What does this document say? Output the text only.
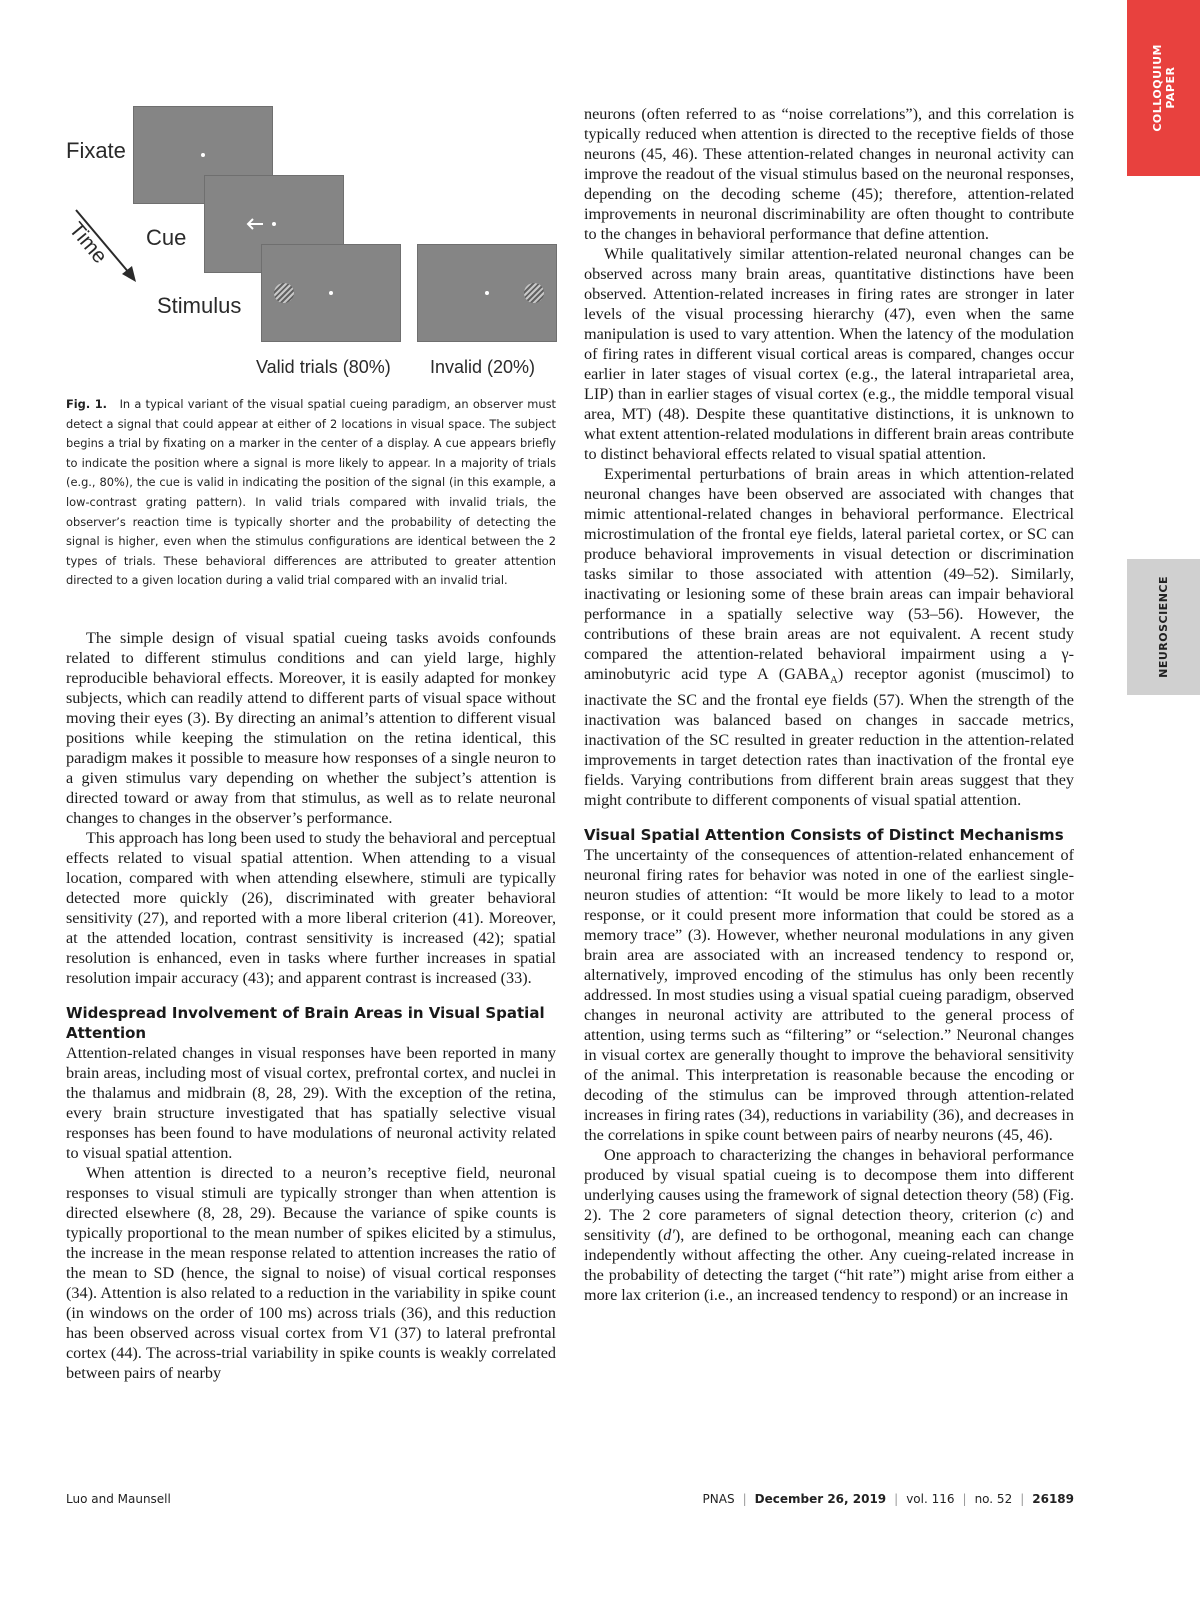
COLLOQUIUM
PAPER
NEUROSCIENCE
Fixate
Time Cue
Stimulus
Valid trials (80%) Invalid (20%)
Fig. 1. In a typical variant of the visual spatial cueing paradigm, an observer must detect a signal that could appear at either of 2 locations in visual space. The subject begins a trial by fixating on a marker in the center of a display. A cue appears briefly to indicate the position where a signal is more likely to appear. In a majority of trials (e.g., 80%), the cue is valid in indicating the position of the signal (in this example, a low-contrast grating pattern). In valid trials compared with invalid trials, the observer’s reaction time is typically shorter and the probability of detecting the signal is higher, even when the stimulus configurations are identical between the 2 types of trials. These behavioral differences are attributed to greater attention directed to a given location during a valid trial compared with an invalid trial.

The simple design of visual spatial cueing tasks avoids confounds related to different stimulus conditions and can yield large, highly reproducible behavioral effects. Moreover, it is easily adapted for monkey subjects, which can readily attend to different parts of visual space without moving their eyes (3). By directing an animal’s attention to different visual positions while keeping the stimulation on the retina identical, this paradigm makes it possible to measure how responses of a single neuron to a given stimulus vary depending on whether the subject’s attention is directed toward or away from that stimulus, as well as to relate neuronal changes to changes in the observer’s performance.

This approach has long been used to study the behavioral and perceptual effects related to visual spatial attention. When attending to a visual location, compared with when attending elsewhere, stimuli are typically detected more quickly (26), discriminated with greater behavioral sensitivity (27), and reported with a more liberal criterion (41). Moreover, at the attended location, contrast sensitivity is increased (42); spatial resolution is enhanced, even in tasks where further increases in spatial resolution impair accuracy (43); and apparent contrast is increased (33).

Widespread Involvement of Brain Areas in Visual Spatial Attention

Attention-related changes in visual responses have been reported in many brain areas, including most of visual cortex, prefrontal cortex, and nuclei in the thalamus and midbrain (8, 28, 29). With the exception of the retina, every brain structure investigated that has spatially selective visual responses has been found to have modulations of neuronal activity related to visual spatial attention.

When attention is directed to a neuron’s receptive field, neuronal responses to visual stimuli are typically stronger than when attention is directed elsewhere (8, 28, 29). Because the variance of spike counts is typically proportional to the mean number of spikes elicited by a stimulus, the increase in the mean response related to attention increases the ratio of the mean to SD (hence, the signal to noise) of visual cortical responses (34). Attention is also related to a reduction in the variability in spike count (in windows on the order of 100 ms) across trials (36), and this reduction has been observed across visual cortex from V1 (37) to lateral prefrontal cortex (44). The across-trial variability in spike counts is weakly correlated between pairs of nearby

neurons (often referred to as “noise correlations”), and this correlation is typically reduced when attention is directed to the receptive fields of those neurons (45, 46). These attention-related changes in neuronal activity can improve the readout of the visual stimulus based on the neuronal responses, depending on the decoding scheme (45); therefore, attention-related improvements in neuronal discriminability are often thought to contribute to the changes in behavioral performance that define attention.

While qualitatively similar attention-related neuronal changes can be observed across many brain areas, quantitative distinctions have been observed. Attention-related increases in firing rates are stronger in later levels of the visual processing hierarchy (47), even when the same manipulation is used to vary attention. When the latency of the modulation of firing rates in different visual cortical areas is compared, changes occur earlier in later stages of visual cortex (e.g., the lateral intraparietal area, LIP) than in earlier stages of visual cortex (e.g., the middle temporal visual area, MT) (48). Despite these quantitative distinctions, it is unknown to what extent attention-related modulations in different brain areas contribute to distinct behavioral effects related to visual spatial attention.

Experimental perturbations of brain areas in which attention-related neuronal changes have been observed are associated with changes that mimic attentional-related changes in behavioral performance. Electrical microstimulation of the frontal eye fields, lateral parietal cortex, or SC can produce behavioral improvements in visual detection or discrimination tasks similar to those associated with attention (49–52). Similarly, inactivating or lesioning some of these brain areas can impair behavioral performance in a spatially selective way (53–56). However, the contributions of these brain areas are not equivalent. A recent study compared the attention-related behavioral impairment using a γ-aminobutyric acid type A $(GABA_A)$ receptor agonist (muscimol) to inactivate the SC and the frontal eye fields (57). When the strength of the inactivation was balanced based on changes in saccade metrics, inactivation of the SC resulted in greater reduction in the attention-related improvements in target detection rates than inactivation of the frontal eye fields. Varying contributions from different brain areas suggest that they might contribute to different components of visual spatial attention.

Visual Spatial Attention Consists of Distinct Mechanisms

The uncertainty of the consequences of attention-related enhancement of neuronal firing rates for behavior was noted in one of the earliest single-neuron studies of attention: “It would be more likely to lead to a motor response, or it could present more information that could be stored as a memory trace” (3). However, whether neuronal modulations in any given brain area are associated with an increased tendency to respond or, alternatively, improved encoding of the stimulus has only been recently addressed. In most studies using a visual spatial cueing paradigm, observed changes in neuronal activity are attributed to the general process of attention, using terms such as “filtering” or “selection.” Neuronal changes in visual cortex are generally thought to improve the behavioral sensitivity of the animal. This interpretation is reasonable because the encoding or decoding of the stimulus can be improved through attention-related increases in firing rates (34), reductions in variability (36), and decreases in the correlations in spike count between pairs of nearby neurons (45, 46).

One approach to characterizing the changes in behavioral performance produced by visual spatial cueing is to decompose them into different underlying causes using the framework of signal detection theory (58) (Fig. 2). The 2 core parameters of signal detection theory, criterion (c) and sensitivity (d′), are defined to be orthogonal, meaning each can change independently without affecting the other. Any cueing-related increase in the probability of detecting the target (“hit rate”) might arise from either a more lax criterion (i.e., an increased tendency to respond) or an increase in

Luo and Maunsell	PNAS | December 26, 2019 | vol. 116 | no. 52 | 26189
